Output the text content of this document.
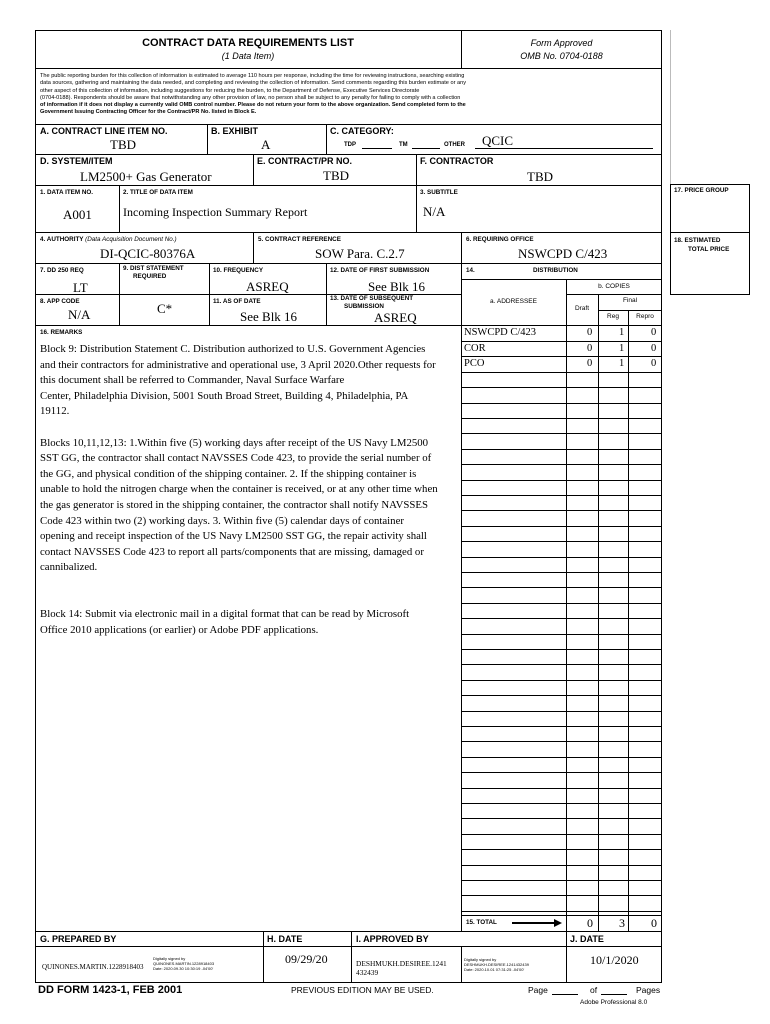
CONTRACT DATA REQUIREMENTS LIST
(1 Data Item)
Form Approved
OMB No. 0704-0188
The public reporting burden for this collection of information is estimated to average 110 hours per response, including the time for reviewing instructions, searching existing
data sources, gathering and maintaining the data needed, and completing and reviewing the collection of information. Send comments regarding this burden estimate or any
other aspect of this collection of information, including suggestions for reducing the burden, to the Department of Defense, Executive Services Directorate
(0704-0188). Respondents should be aware that notwithstanding any other provision of law, no person shall be subject to any penalty for failing to comply with a collection
of information if it does not display a currently valid OMB control number. Please do not return your form to the above organization. Send completed form to the
Government Issuing Contracting Officer for the Contract/PR No. listed in Block E.
A. CONTRACT LINE ITEM NO.
TBD
B. EXHIBIT
A
C. CATEGORY:
TDP	TM	OTHER QCIC
D. SYSTEM/ITEM
LM2500+ Gas Generator
E. CONTRACT/PR NO.
TBD
F. CONTRACTOR
TBD
1. DATA ITEM NO.
A001
2. TITLE OF DATA ITEM
Incoming Inspection Summary Report
3. SUBTITLE
N/A
4. AUTHORITY (Data Acquisition Document No.)
DI-QCIC-80376A
5. CONTRACT REFERENCE
SOW Para. C.2.7
6. REQUIRING OFFICE
NSWCPD C/423
7. DD 250 REQ
LT
8. APP CODE
N/A
9. DIST STATEMENT
REQUIRED
C*
10. FREQUENCY
ASREQ
11. AS OF DATE
See Blk 16
12. DATE OF FIRST SUBMISSION
See Blk 16
13. DATE OF SUBSEQUENT
SUBMISSION
ASREQ
14.	DISTRIBUTION
b. COPIES
a. ADDRESSEE
Draft
Final
Reg	Repro
NSWCPD C/423	0	1	0
COR	0	1	0
PCO	0	1	0
15. TOTAL	0 3 0
17. PRICE GROUP
18. ESTIMATED
TOTAL PRICE
16. REMARKS

Block 9: Distribution Statement C. Distribution authorized to U.S. Government Agencies

and their contractors for administrative and operational use, 3 April 2020.Other requests for

this document shall be referred to Commander, Naval Surface Warfare

Center, Philadelphia Division, 5001 South Broad Street, Building 4, Philadelphia, PA

19112.

Blocks 10,11,12,13: 1.Within five (5) working days after receipt of the US Navy LM2500

SST GG, the contractor shall contact NAVSSES Code 423, to provide the serial number of

the GG, and physical condition of the shipping container. 2. If the shipping container is

unable to hold the nitrogen charge when the container is received, or at any other time when

the gas generator is stored in the shipping container, the contractor shall notify NAVSSES

Code 423 within two (2) working days. 3. Within five (5) calendar days of container

opening and receipt inspection of the US Navy LM2500 SST GG, the repair activity shall

contact NAVSSES Code 423 to report all parts/components that are missing, damaged or

cannibalized.

Block 14: Submit via electronic mail in a digital format that can be read by Microsoft

Office 2010 applications (or earlier) or Adobe PDF applications.

G. PREPARED BY
QUINONES.MARTIN.1228918403
Digitally signed by
QUINONES.MARTIN.1228918403
Date: 2020.09.30 10:30:19 -04'00'
H. DATE
09/29/20
I. APPROVED BY
DESHMUKH.DESIREE.1241
432439
Digitally signed by
DESHMUKH.DESIREE.1241432439
Date: 2020.10.01 07:31:25 -04'00'
J. DATE
10/1/2020
DD FORM 1423-1, FEB 2001	PREVIOUS EDITION MAY BE USED.	Page	of	Pages
Adobe Professional 8.0
